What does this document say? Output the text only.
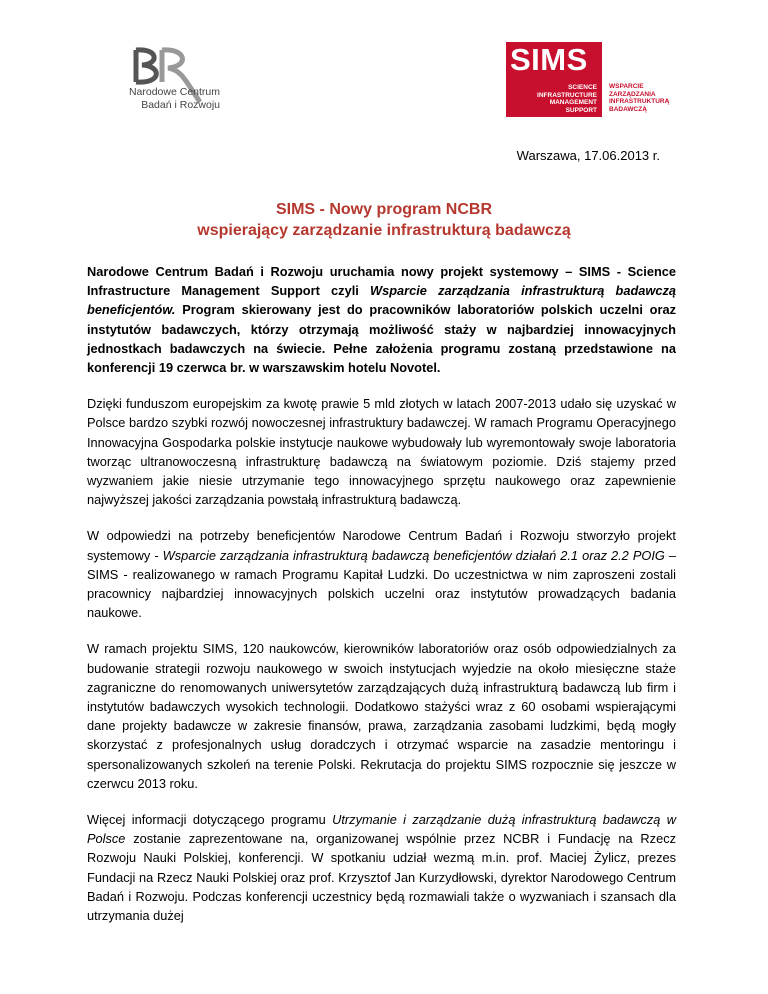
Narodowe Centrum
Badań i Rozwoju
SIMS
SCIENCE
INFRASTRUCTURE
MANAGEMENT
SUPPORT
WSPARCIE
ZARZĄDZANIA
INFRASTRUKTURĄ
BADAWCZĄ
Warszawa, 17.06.2013 r.
SIMS - Nowy program NCBR
wspierający zarządzanie infrastrukturą badawczą

Narodowe Centrum Badań i Rozwoju uruchamia nowy projekt systemowy – SIMS - Science Infrastructure Management Support czyli Wsparcie zarządzania infrastrukturą badawczą beneficjentów. Program skierowany jest do pracowników laboratoriów polskich uczelni oraz instytutów badawczych, którzy otrzymają możliwość staży w najbardziej innowacyjnych jednostkach badawczych na świecie. Pełne założenia programu zostaną przedstawione na konferencji 19 czerwca br. w warszawskim hotelu Novotel.

Dzięki funduszom europejskim za kwotę prawie 5 mld złotych w latach 2007-2013 udało się uzyskać w Polsce bardzo szybki rozwój nowoczesnej infrastruktury badawczej. W ramach Programu Operacyjnego Innowacyjna Gospodarka polskie instytucje naukowe wybudowały lub wyremontowały swoje laboratoria tworząc ultranowoczesną infrastrukturę badawczą na światowym poziomie. Dziś stajemy przed wyzwaniem jakie niesie utrzymanie tego innowacyjnego sprzętu naukowego oraz zapewnienie najwyższej jakości zarządzania powstałą infrastrukturą badawczą.

W odpowiedzi na potrzeby beneficjentów Narodowe Centrum Badań i Rozwoju stworzyło projekt systemowy - Wsparcie zarządzania infrastrukturą badawczą beneficjentów działań 2.1 oraz 2.2 POIG – SIMS - realizowanego w ramach Programu Kapitał Ludzki. Do uczestnictwa w nim zaproszeni zostali pracownicy najbardziej innowacyjnych polskich uczelni oraz instytutów prowadzących badania naukowe.

W ramach projektu SIMS, 120 naukowców, kierowników laboratoriów oraz osób odpowiedzialnych za budowanie strategii rozwoju naukowego w swoich instytucjach wyjedzie na około miesięczne staże zagraniczne do renomowanych uniwersytetów zarządzających dużą infrastrukturą badawczą lub firm i instytutów badawczych wysokich technologii. Dodatkowo stażyści wraz z 60 osobami wspierającymi dane projekty badawcze w zakresie finansów, prawa, zarządzania zasobami ludzkimi, będą mogły skorzystać z profesjonalnych usług doradczych i otrzymać wsparcie na zasadzie mentoringu i spersonalizowanych szkoleń na terenie Polski. Rekrutacja do projektu SIMS rozpocznie się jeszcze w czerwcu 2013 roku.

Więcej informacji dotyczącego programu Utrzymanie i zarządzanie dużą infrastrukturą badawczą w Polsce zostanie zaprezentowane na, organizowanej wspólnie przez NCBR i Fundację na Rzecz Rozwoju Nauki Polskiej, konferencji. W spotkaniu udział wezmą m.in. prof. Maciej Żylicz, prezes Fundacji na Rzecz Nauki Polskiej oraz prof. Krzysztof Jan Kurzydłowski, dyrektor Narodowego Centrum Badań i Rozwoju. Podczas konferencji uczestnicy będą rozmawiali także o wyzwaniach i szansach dla utrzymania dużej
